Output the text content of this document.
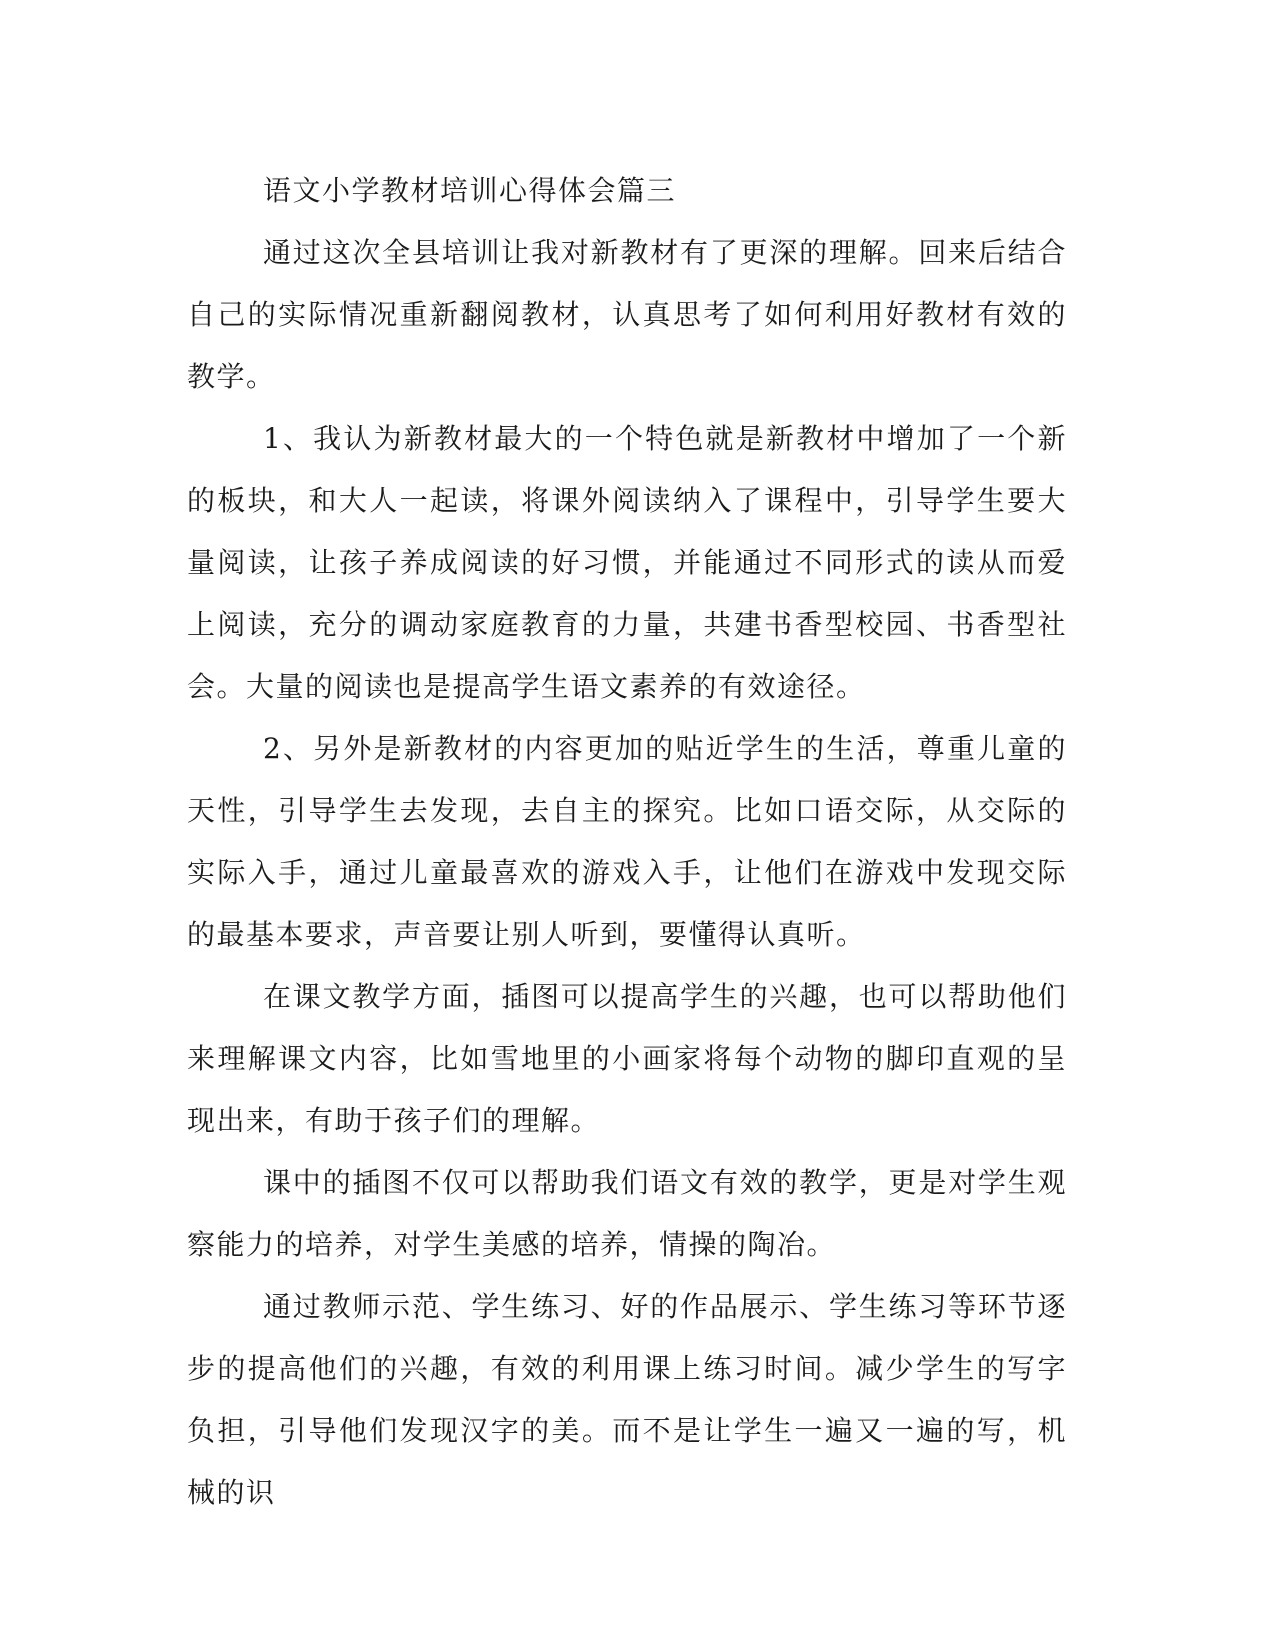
语文小学教材培训心得体会篇三

通过这次全县培训让我对新教材有了更深的理解。回来后结合自己的实际情况重新翻阅教材，认真思考了如何利用好教材有效的教学。

1、我认为新教材最大的一个特色就是新教材中增加了一个新的板块，和大人一起读，将课外阅读纳入了课程中，引导学生要大量阅读，让孩子养成阅读的好习惯，并能通过不同形式的读从而爱上阅读，充分的调动家庭教育的力量，共建书香型校园、书香型社会。大量的阅读也是提高学生语文素养的有效途径。

2、另外是新教材的内容更加的贴近学生的生活，尊重儿童的天性，引导学生去发现，去自主的探究。比如口语交际，从交际的实际入手，通过儿童最喜欢的游戏入手，让他们在游戏中发现交际的最基本要求，声音要让别人听到，要懂得认真听。

在课文教学方面，插图可以提高学生的兴趣，也可以帮助他们来理解课文内容，比如雪地里的小画家将每个动物的脚印直观的呈现出来，有助于孩子们的理解。

课中的插图不仅可以帮助我们语文有效的教学，更是对学生观察能力的培养，对学生美感的培养，情操的陶冶。

通过教师示范、学生练习、好的作品展示、学生练习等环节逐步的提高他们的兴趣，有效的利用课上练习时间。减少学生的写字负担，引导他们发现汉字的美。而不是让学生一遍又一遍的写，机械的识
